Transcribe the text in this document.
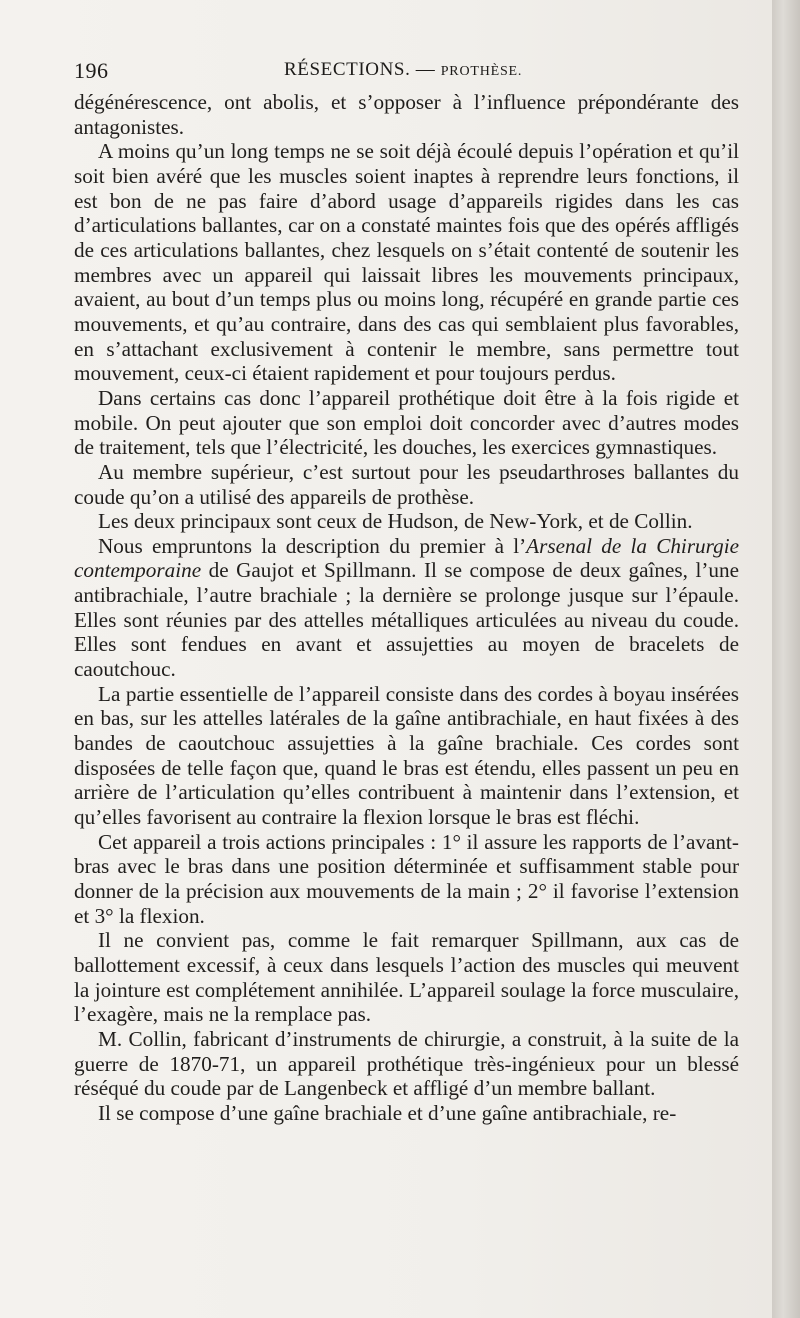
196	RÉSECTIONS. — PROTHÈSE.

dégénérescence, ont abolis, et s’opposer à l’influence prépondérante des antagonistes.

A moins qu’un long temps ne se soit déjà écoulé depuis l’opération et qu’il soit bien avéré que les muscles soient inaptes à reprendre leurs fonctions, il est bon de ne pas faire d’abord usage d’appareils rigides dans les cas d’articulations ballantes, car on a constaté maintes fois que des opérés affligés de ces articulations ballantes, chez lesquels on s’était contenté de soutenir les membres avec un appareil qui laissait libres les mouvements principaux, avaient, au bout d’un temps plus ou moins long, récupéré en grande partie ces mouvements, et qu’au contraire, dans des cas qui semblaient plus favorables, en s’attachant exclusivement à contenir le membre, sans permettre tout mouvement, ceux-ci étaient rapidement et pour toujours perdus.

Dans certains cas donc l’appareil prothétique doit être à la fois rigide et mobile. On peut ajouter que son emploi doit concorder avec d’autres modes de traitement, tels que l’électricité, les douches, les exercices gymnastiques.

Au membre supérieur, c’est surtout pour les pseudarthroses ballantes du coude qu’on a utilisé des appareils de prothèse.

Les deux principaux sont ceux de Hudson, de New-York, et de Collin.

Nous empruntons la description du premier à l’Arsenal de la Chirurgie contemporaine de Gaujot et Spillmann. Il se compose de deux gaînes, l’une antibrachiale, l’autre brachiale ; la dernière se prolonge jusque sur l’épaule. Elles sont réunies par des attelles métalliques articulées au niveau du coude. Elles sont fendues en avant et assujetties au moyen de bracelets de caoutchouc.

La partie essentielle de l’appareil consiste dans des cordes à boyau insérées en bas, sur les attelles latérales de la gaîne antibrachiale, en haut fixées à des bandes de caoutchouc assujetties à la gaîne brachiale. Ces cordes sont disposées de telle façon que, quand le bras est étendu, elles passent un peu en arrière de l’articulation qu’elles contribuent à maintenir dans l’extension, et qu’elles favorisent au contraire la flexion lorsque le bras est fléchi.

Cet appareil a trois actions principales : 1° il assure les rapports de l’avant-bras avec le bras dans une position déterminée et suffisamment stable pour donner de la précision aux mouvements de la main ; 2° il favorise l’extension et 3° la flexion.

Il ne convient pas, comme le fait remarquer Spillmann, aux cas de ballottement excessif, à ceux dans lesquels l’action des muscles qui meuvent la jointure est complétement annihilée. L’appareil soulage la force musculaire, l’exagère, mais ne la remplace pas.

M. Collin, fabricant d’instruments de chirurgie, a construit, à la suite de la guerre de 1870-71, un appareil prothétique très-ingénieux pour un blessé réséqué du coude par de Langenbeck et affligé d’un membre ballant.

Il se compose d’une gaîne brachiale et d’une gaîne antibrachiale, re-
